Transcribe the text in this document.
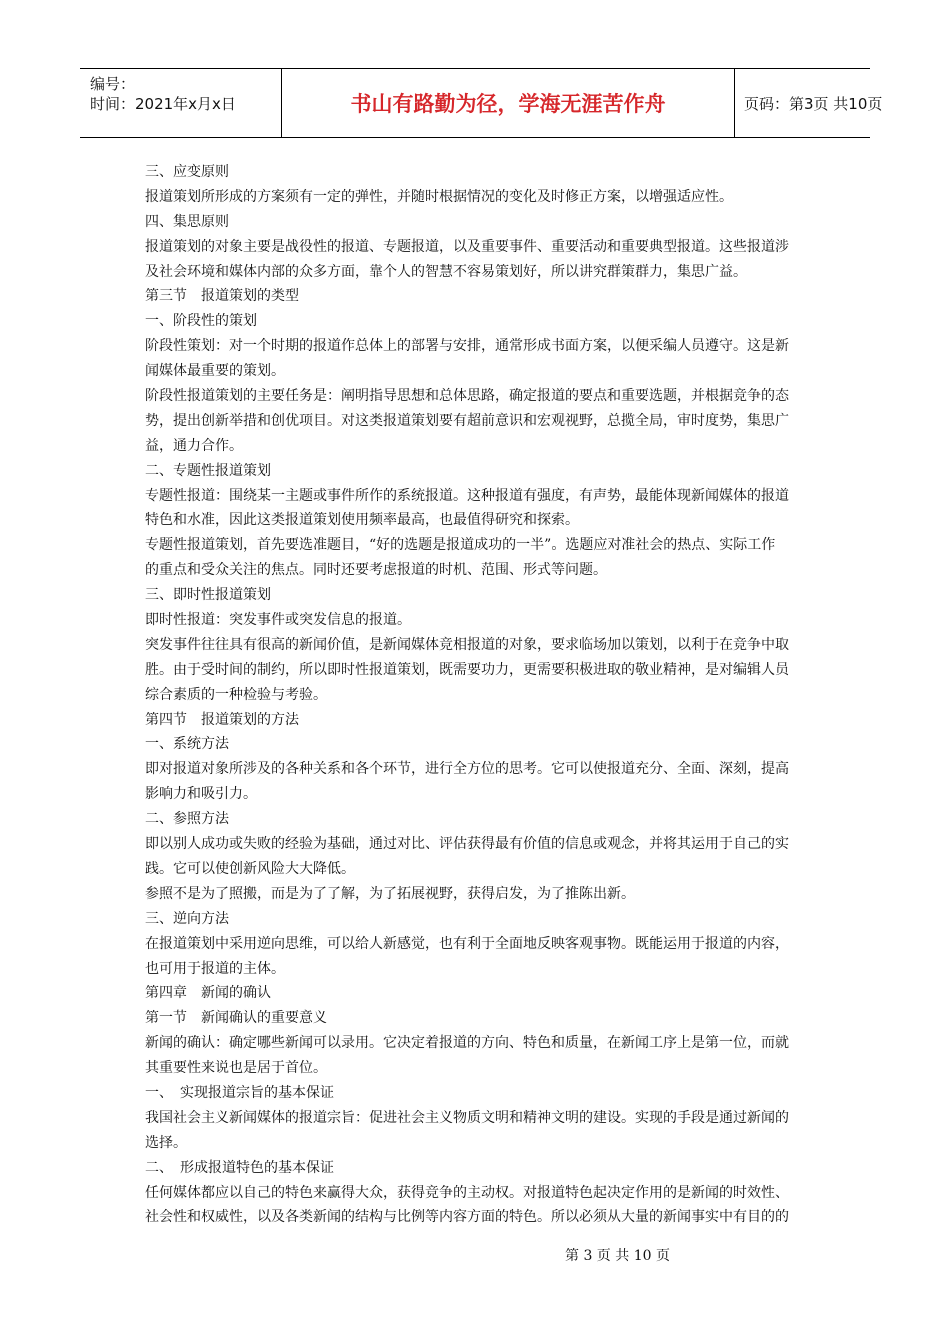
编号：
时间：2021年x月x日	书山有路勤为径，学海无涯苦作舟	页码：第3页 共10页
三、应变原则
报道策划所形成的方案须有一定的弹性，并随时根据情况的变化及时修正方案，以增强适应性。
四、集思原则
报道策划的对象主要是战役性的报道、专题报道，以及重要事件、重要活动和重要典型报道。这些报道涉
及社会环境和媒体内部的众多方面，靠个人的智慧不容易策划好，所以讲究群策群力，集思广益。
第三节　报道策划的类型
一、阶段性的策划
阶段性策划：对一个时期的报道作总体上的部署与安排，通常形成书面方案，以便采编人员遵守。这是新
闻媒体最重要的策划。
阶段性报道策划的主要任务是：阐明指导思想和总体思路，确定报道的要点和重要选题，并根据竞争的态
势，提出创新举措和创优项目。对这类报道策划要有超前意识和宏观视野，总揽全局，审时度势，集思广
益，通力合作。
二、专题性报道策划
专题性报道：围绕某一主题或事件所作的系统报道。这种报道有强度，有声势，最能体现新闻媒体的报道
特色和水准，因此这类报道策划使用频率最高，也最值得研究和探索。
专题性报道策划，首先要选准题目，“好的选题是报道成功的一半”。选题应对准社会的热点、实际工作
的重点和受众关注的焦点。同时还要考虑报道的时机、范围、形式等问题。
三、即时性报道策划
即时性报道：突发事件或突发信息的报道。
突发事件往往具有很高的新闻价值，是新闻媒体竞相报道的对象，要求临场加以策划，以利于在竞争中取
胜。由于受时间的制约，所以即时性报道策划，既需要功力，更需要积极进取的敬业精神，是对编辑人员
综合素质的一种检验与考验。
第四节　报道策划的方法
一、系统方法
即对报道对象所涉及的各种关系和各个环节，进行全方位的思考。它可以使报道充分、全面、深刻，提高
影响力和吸引力。
二、参照方法
即以别人成功或失败的经验为基础，通过对比、评估获得最有价值的信息或观念，并将其运用于自己的实
践。它可以使创新风险大大降低。
参照不是为了照搬，而是为了了解，为了拓展视野，获得启发，为了推陈出新。
三、逆向方法
在报道策划中采用逆向思维，可以给人新感觉，也有利于全面地反映客观事物。既能运用于报道的内容，
也可用于报道的主体。
第四章　新闻的确认
第一节　新闻确认的重要意义
新闻的确认：确定哪些新闻可以录用。它决定着报道的方向、特色和质量，在新闻工序上是第一位，而就
其重要性来说也是居于首位。
一、　实现报道宗旨的基本保证
我国社会主义新闻媒体的报道宗旨：促进社会主义物质文明和精神文明的建设。实现的手段是通过新闻的
选择。
二、　形成报道特色的基本保证
任何媒体都应以自己的特色来赢得大众，获得竞争的主动权。对报道特色起决定作用的是新闻的时效性、
社会性和权威性，以及各类新闻的结构与比例等内容方面的特色。所以必须从大量的新闻事实中有目的的
第 3 页 共 10 页
